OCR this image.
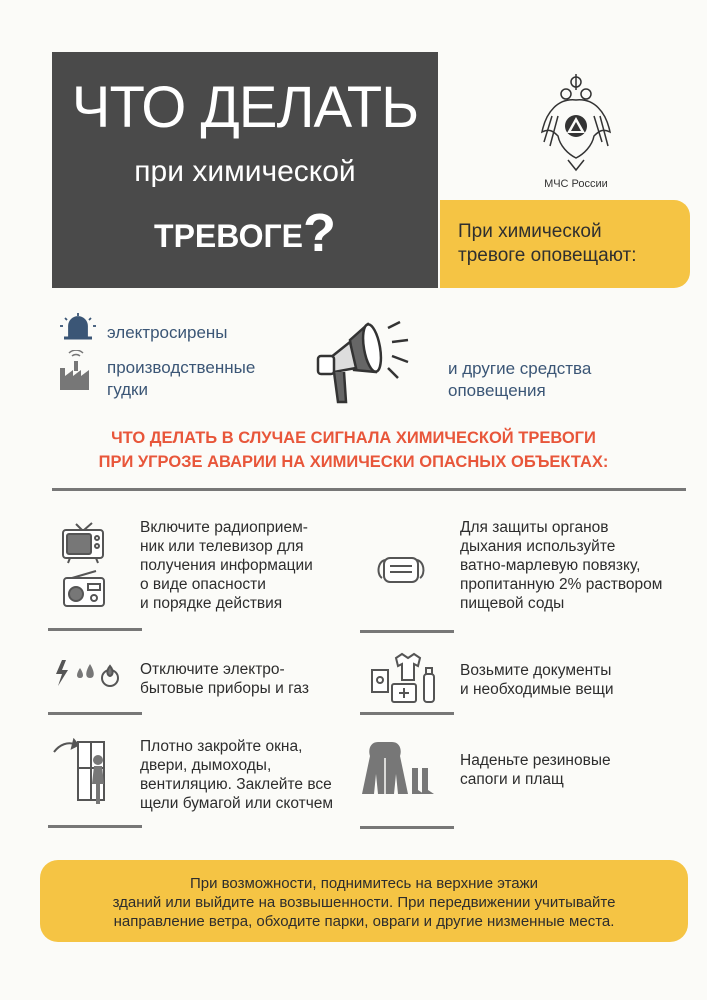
ЧТО ДЕЛАТЬ
при химической
ТРЕВОГЕ?
МЧС России
При химической
тревоге оповещают:
электросирены
производственные
гудки
и другие средства
оповещения
ЧТО ДЕЛАТЬ В СЛУЧАЕ СИГНАЛА ХИМИЧЕСКОЙ ТРЕВОГИ
ПРИ УГРОЗЕ АВАРИИ НА ХИМИЧЕСКИ ОПАСНЫХ ОБЪЕКТАХ:
Включите радиоприем-
ник или телевизор для
получения информации
о виде опасности
и порядке действия
Для защиты органов
дыхания используйте
ватно-марлевую повязку,
пропитанную 2% раствором
пищевой соды
Отключите электро-
бытовые приборы и газ
Возьмите документы
и необходимые вещи
Плотно закройте окна,
двери, дымоходы,
вентиляцию. Заклейте все
щели бумагой или скотчем
Наденьте резиновые
сапоги и плащ
При возможности, поднимитесь на верхние этажи
зданий или выйдите на возвышенности. При передвижении учитывайте
направление ветра, обходите парки, овраги и другие низменные места.
